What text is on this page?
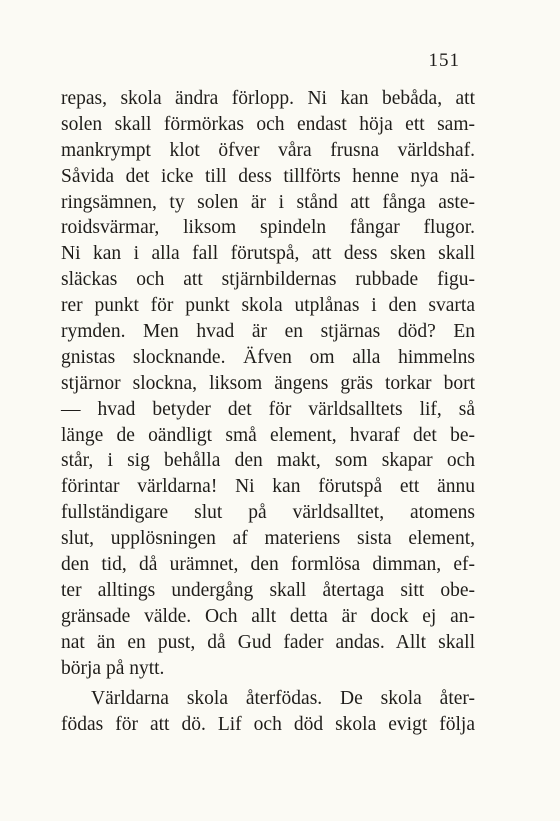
151
repas, skola ändra förlopp. Ni kan bebåda, att
solen skall förmörkas och endast höja ett sam-
mankrympt klot öfver våra frusna världshaf.
Såvida det icke till dess tillförts henne nya nä-
ringsämnen, ty solen är i stånd att fånga aste-
roidsvärmar, liksom spindeln fångar flugor.
Ni kan i alla fall förutspå, att dess sken skall
släckas och att stjärnbildernas rubbade figu-
rer punkt för punkt skola utplånas i den svarta
rymden. Men hvad är en stjärnas död? En
gnistas slocknande. Äfven om alla himmelns
stjärnor slockna, liksom ängens gräs torkar bort
— hvad betyder det för världsalltets lif, så
länge de oändligt små element, hvaraf det be-
står, i sig behålla den makt, som skapar och
förintar världarna! Ni kan förutspå ett ännu
fullständigare slut på världsalltet, atomens
slut, upplösningen af materiens sista element,
den tid, då urämnet, den formlösa dimman, ef-
ter alltings undergång skall återtaga sitt obe-
gränsade välde. Och allt detta är dock ej an-
nat än en pust, då Gud fader andas. Allt skall
börja på nytt.
Världarna skola återfödas. De skola åter-
födas för att dö. Lif och död skola evigt följa
